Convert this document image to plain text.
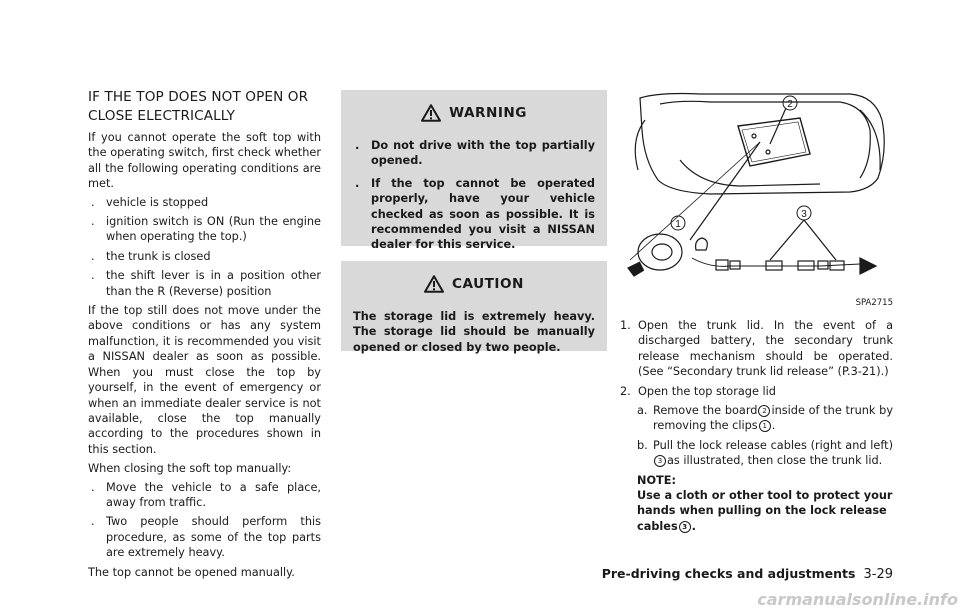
IF THE TOP DOES NOT OPEN OR
CLOSE ELECTRICALLY

If you cannot operate the soft top with the operating switch, first check whether all the following operating conditions are met.

. vehicle is stopped
. ignition switch is ON (Run the engine when operating the top.)
. the trunk is closed
. the shift lever is in a position other than the R (Reverse) position

If the top still does not move under the above conditions or has any system malfunction, it is recommended you visit a NISSAN dealer as soon as possible. When you must close the top by yourself, in the event of emergency or when an immediate dealer service is not available, close the top manually according to the procedures shown in this section.

When closing the soft top manually:

. Move the vehicle to a safe place, away from traffic.
. Two people should perform this procedure, as some of the top parts are extremely heavy.

The top cannot be opened manually.

WARNING
. Do not drive with the top partially opened.
. If the top cannot be operated properly, have your vehicle checked as soon as possible. It is recommended you visit a NISSAN dealer for this service.
CAUTION

The storage lid is extremely heavy. The storage lid should be manually opened or closed by two people.

2
1
3
SPA2715
1. Open the trunk lid. In the event of a discharged battery, the secondary trunk release mechanism should be operated. (See “Secondary trunk lid release” (P.3-21).)
2. Open the top storage lid
a. Remove the board 2 inside of the trunk by removing the clips 1 .
b. Pull the lock release cables (right and left)3 as illustrated, then close the trunk lid.
NOTE:
Use a cloth or other tool to protect your hands when pulling on the lock release cables 3 .
Pre-driving checks and adjustments 3-29
carmanualsonline.info
